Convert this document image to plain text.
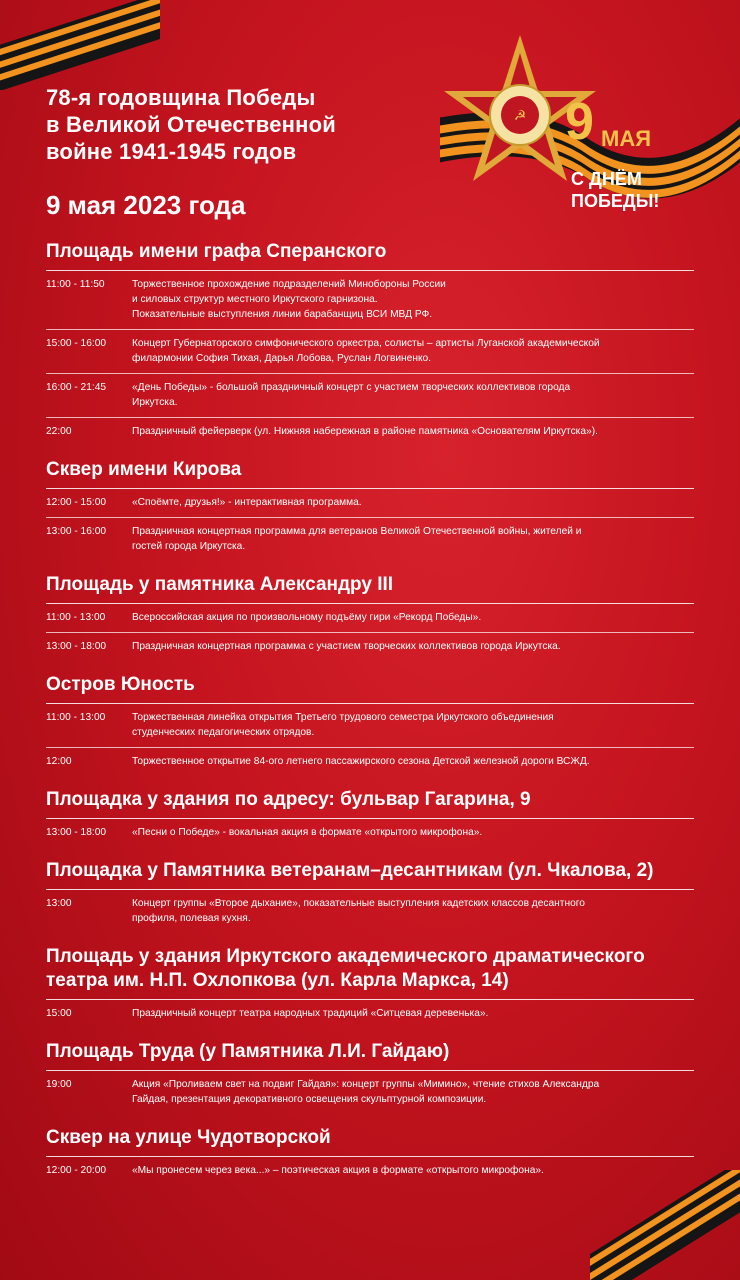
☭ 9 МАЯ
С ДНЁМ
ПОБЕДЫ!
78-я годовщина Победы
в Великой Отечественной
войне 1941-1945 годов
9 мая 2023 года
Площадь имени графа Сперанского
11:00 - 11:50	Торжественное прохождение подразделений Минобороны России
и силовых структур местного Иркутского гарнизона.
Показательные выступления линии барабанщиц ВСИ МВД РФ.
15:00 - 16:00	Концерт Губернаторского симфонического оркестра, солисты – артисты Луганской академической
филармонии София Тихая, Дарья Лобова, Руслан Логвиненко.
16:00 - 21:45	«День Победы» - большой праздничный концерт с участием творческих коллективов города
Иркутска.
22:00	Праздничный фейерверк (ул. Нижняя набережная в районе памятника «Основателям Иркутска»).
Сквер имени Кирова
12:00 - 15:00	«Споёмте, друзья!» - интерактивная программа.
13:00 - 16:00	Праздничная концертная программа для ветеранов Великой Отечественной войны, жителей и
гостей города Иркутска.
Площадь у памятника Александру III
11:00 - 13:00	Всероссийская акция по произвольному подъёму гири «Рекорд Победы».
13:00 - 18:00	Праздничная концертная программа с участием творческих коллективов города Иркутска.
Остров Юность
11:00 - 13:00	Торжественная линейка открытия Третьего трудового семестра Иркутского объединения
студенческих педагогических отрядов.
12:00	Торжественное открытие 84-ого летнего пассажирского сезона Детской железной дороги ВСЖД.
Площадка у здания по адресу: бульвар Гагарина, 9
13:00 - 18:00	«Песни о Победе» - вокальная акция в формате «открытого микрофона».
Площадка у Памятника ветеранам–десантникам (ул. Чкалова, 2)
13:00	Концерт группы «Второе дыхание», показательные выступления кадетских классов десантного
профиля, полевая кухня.
Площадь у здания Иркутского академического драматического театра им. Н.П. Охлопкова (ул. Карла Маркса, 14)
15:00	Праздничный концерт театра народных традиций «Ситцевая деревенька».
Площадь Труда (у Памятника Л.И. Гайдаю)
19:00	Акция «Проливаем свет на подвиг Гайдая»: концерт группы «Мимино», чтение стихов Александра
Гайдая, презентация декоративного освещения скульптурной композиции.
Сквер на улице Чудотворской
12:00 - 20:00	«Мы пронесем через века...» – поэтическая акция в формате «открытого микрофона».
